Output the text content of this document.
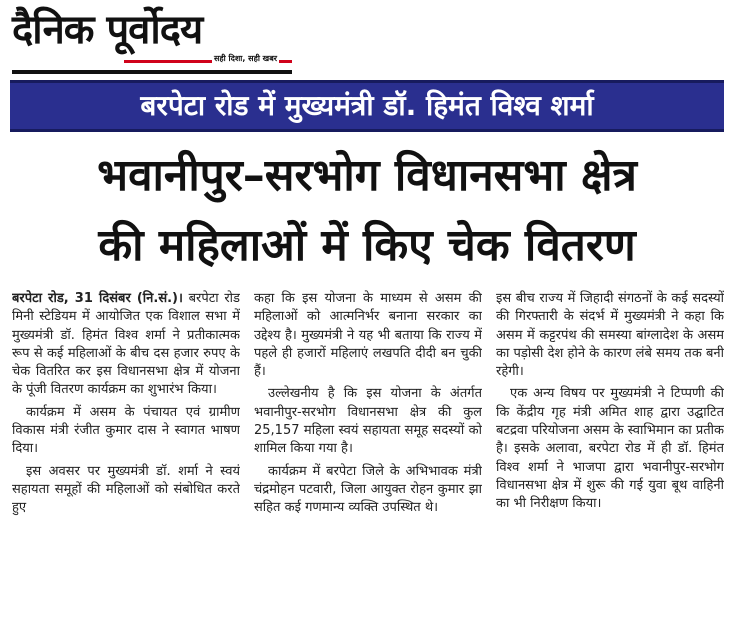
दैनिक पूर्वोदय
सही दिशा, सही खबर
बरपेटा रोड में मुख्यमंत्री डॉ. हिमंत विश्व शर्मा
भवानीपुर–सरभोग विधानसभा क्षेत्र
की महिलाओं में किए चेक वितरण

बरपेटा रोड, 31 दिसंबर (नि.सं.)। बरपेटा रोड मिनी स्टेडियम में आयोजित एक विशाल सभा में मुख्यमंत्री डॉ. हिमंत विश्व शर्मा ने प्रतीकात्मक रूप से कई महिलाओं के बीच दस हजार रुपए के चेक वितरित कर इस विधानसभा क्षेत्र में योजना के पूंजी वितरण कार्यक्रम का शुभारंभ किया।

कार्यक्रम में असम के पंचायत एवं ग्रामीण विकास मंत्री रंजीत कुमार दास ने स्वागत भाषण दिया।

इस अवसर पर मुख्यमंत्री डॉ. शर्मा ने स्वयं सहायता समूहों की महिलाओं को संबोधित करते हुए

कहा कि इस योजना के माध्यम से असम की महिलाओं को आत्मनिर्भर बनाना सरकार का उद्देश्य है। मुख्यमंत्री ने यह भी बताया कि राज्य में पहले ही हजारों महिलाएं लखपति दीदी बन चुकी हैं।

उल्लेखनीय है कि इस योजना के अंतर्गत भवानीपुर-सरभोग विधानसभा क्षेत्र की कुल 25,157 महिला स्वयं सहायता समूह सदस्यों को शामिल किया गया है।

कार्यक्रम में बरपेटा जिले के अभिभावक मंत्री चंद्रमोहन पटवारी, जिला आयुक्त रोहन कुमार झा सहित कई गणमान्य व्यक्ति उपस्थित थे।

इस बीच राज्य में जिहादी संगठनों के कई सदस्यों की गिरफ्तारी के संदर्भ में मुख्यमंत्री ने कहा कि असम में कट्टरपंथ की समस्या बांग्लादेश के असम का पड़ोसी देश होने के कारण लंबे समय तक बनी रहेगी।

एक अन्य विषय पर मुख्यमंत्री ने टिप्पणी की कि केंद्रीय गृह मंत्री अमित शाह द्वारा उद्घाटित बटद्रवा परियोजना असम के स्वाभिमान का प्रतीक है। इसके अलावा, बरपेटा रोड में ही डॉ. हिमंत विश्व शर्मा ने भाजपा द्वारा भवानीपुर-सरभोग विधानसभा क्षेत्र में शुरू की गई युवा बूथ वाहिनी का भी निरीक्षण किया।
